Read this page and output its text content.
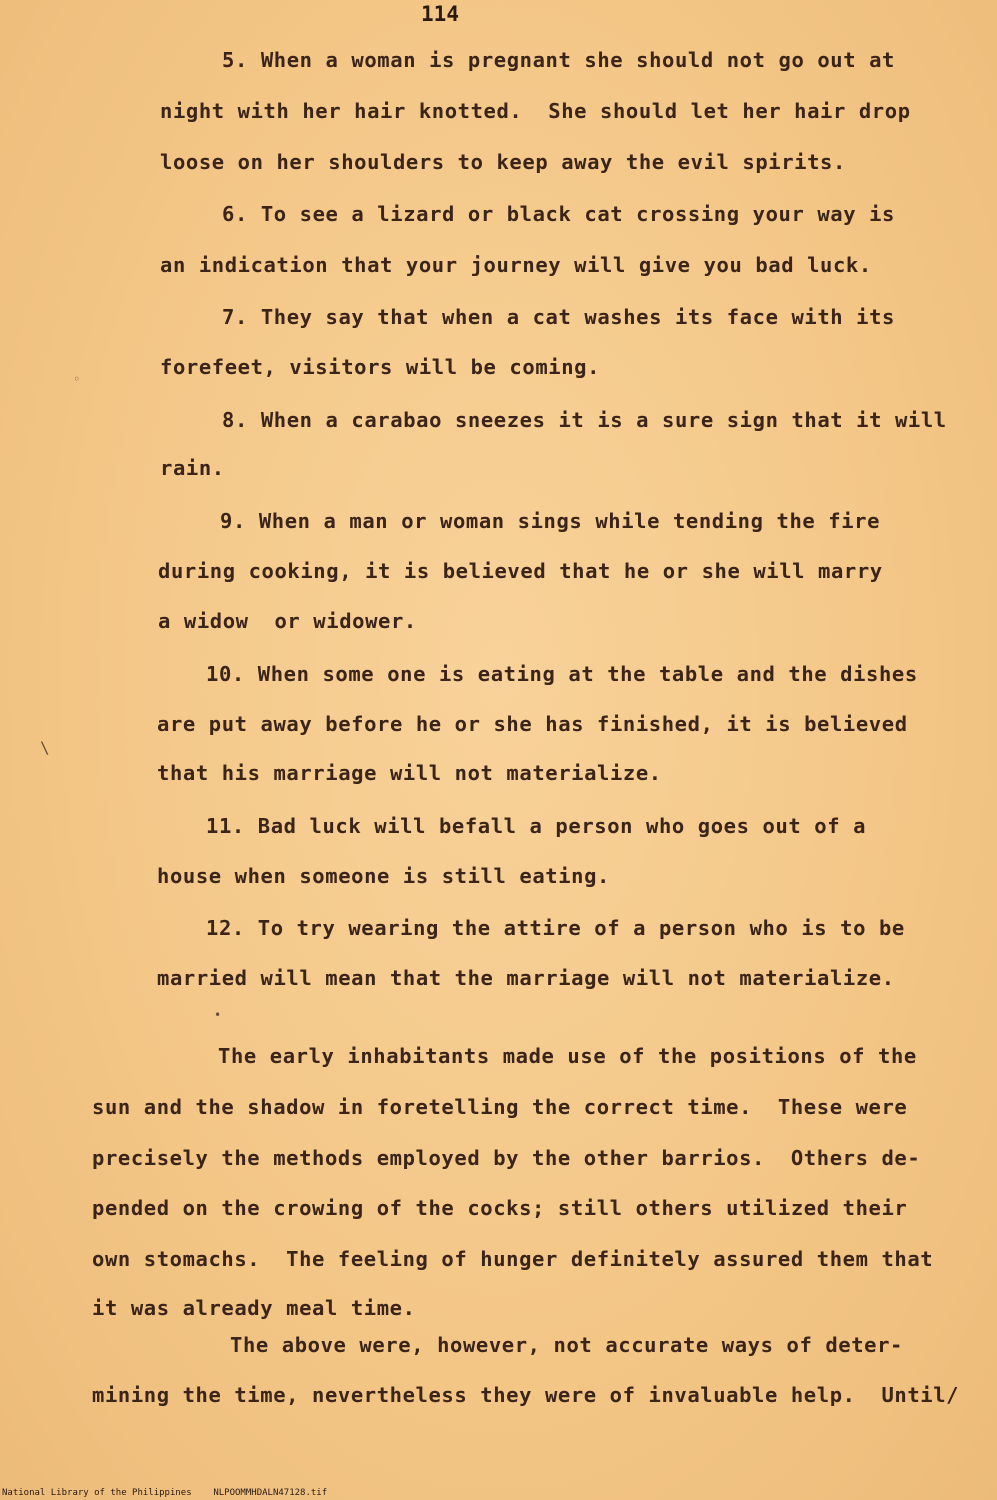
114
5. When a woman is pregnant she should not go out at
night with her hair knotted.  She should let her hair drop
loose on her shoulders to keep away the evil spirits.
6. To see a lizard or black cat crossing your way is
an indication that your journey will give you bad luck.
7. They say that when a cat washes its face with its
forefeet, visitors will be coming.
8. When a carabao sneezes it is a sure sign that it will
rain.
9. When a man or woman sings while tending the fire
during cooking, it is believed that he or she will marry
a widow  or widower.
10. When some one is eating at the table and the dishes
are put away before he or she has finished, it is believed
that his marriage will not materialize.
11. Bad luck will befall a person who goes out of a
house when someone is still eating.
12. To try wearing the attire of a person who is to be
married will mean that the marriage will not materialize.
The early inhabitants made use of the positions of the
sun and the shadow in foretelling the correct time.  These were
precisely the methods employed by the other barrios.  Others de-
pended on the crowing of the cocks; still others utilized their
own stomachs.  The feeling of hunger definitely assured them that
it was already meal time.
The above were, however, not accurate ways of deter-
mining the time, nevertheless they were of invaluable help.  Until/
◦
\
•
National Library of the Philippines NLPOOMMHDALN47128.tif
